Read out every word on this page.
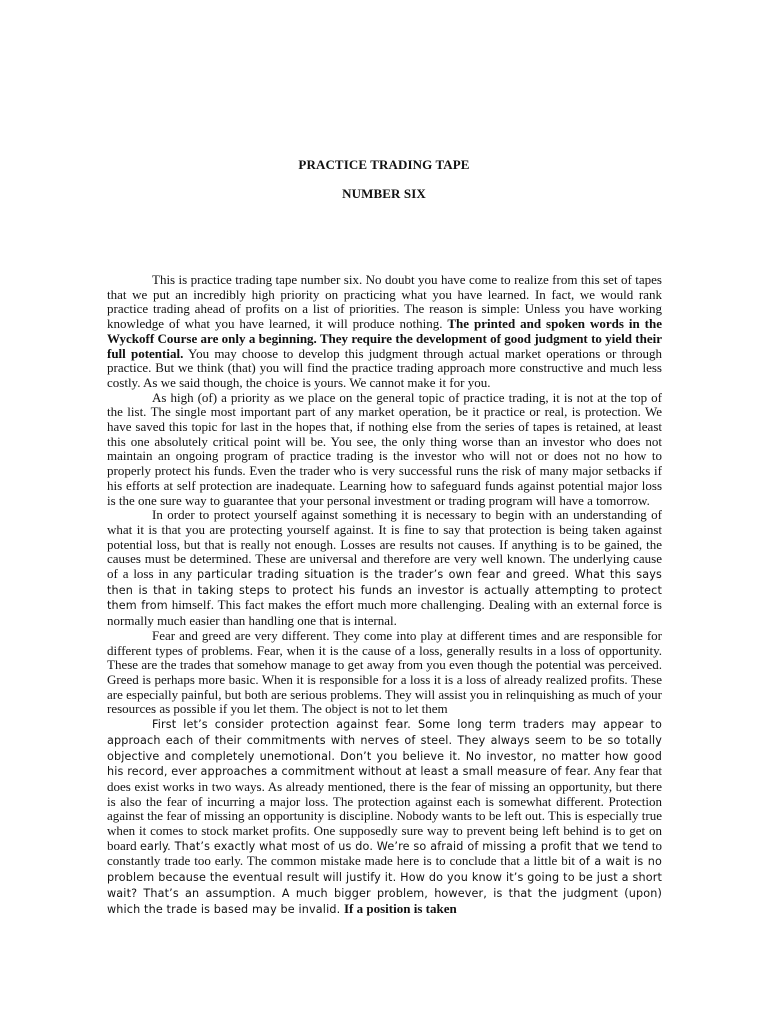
PRACTICE TRADING TAPE
NUMBER SIX

This is practice trading tape number six. No doubt you have come to realize from this set of tapes that we put an incredibly high priority on practicing what you have learned. In fact, we would rank practice trading ahead of profits on a list of priorities. The reason is simple: Unless you have working knowledge of what you have learned, it will produce nothing. The printed and spoken words in the Wyckoff Course are only a beginning. They require the development of good judgment to yield their full potential. You may choose to develop this judgment through actual market operations or through practice. But we think (that) you will find the practice trading approach more constructive and much less costly. As we said though, the choice is yours. We cannot make it for you.

As high (of) a priority as we place on the general topic of practice trading, it is not at the top of the list. The single most important part of any market operation, be it practice or real, is protection. We have saved this topic for last in the hopes that, if nothing else from the series of tapes is retained, at least this one absolutely critical point will be. You see, the only thing worse than an investor who does not maintain an ongoing program of practice trading is the investor who will not or does not no how to properly protect his funds. Even the trader who is very successful runs the risk of many major setbacks if his efforts at self protection are inadequate. Learning how to safeguard funds against potential major loss is the one sure way to guarantee that your personal investment or trading program will have a tomorrow.

In order to protect yourself against something it is necessary to begin with an understanding of what it is that you are protecting yourself against. It is fine to say that protection is being taken against potential loss, but that is really not enough. Losses are results not causes. If anything is to be gained, the causes must be determined. These are universal and therefore are very well known. The underlying cause of a loss in any particular trading situation is the trader’s own fear and greed. What this says then is that in taking steps to protect his funds an investor is actually attempting to protect them from himself. This fact makes the effort much more challenging. Dealing with an external force is normally much easier than handling one that is internal.

Fear and greed are very different. They come into play at different times and are responsible for different types of problems. Fear, when it is the cause of a loss, generally results in a loss of opportunity. These are the trades that somehow manage to get away from you even though the potential was perceived. Greed is perhaps more basic. When it is responsible for a loss it is a loss of already realized profits. These are especially painful, but both are serious problems. They will assist you in relinquishing as much of your resources as possible if you let them. The object is not to let them

First let’s consider protection against fear. Some long term traders may appear to approach each of their commitments with nerves of steel. They always seem to be so totally objective and completely unemotional. Don’t you believe it. No investor, no matter how good his record, ever approaches a commitment without at least a small measure of fear. Any fear that does exist works in two ways. As already mentioned, there is the fear of missing an opportunity, but there is also the fear of incurring a major loss. The protection against each is somewhat different. Protection against the fear of missing an opportunity is discipline. Nobody wants to be left out. This is especially true when it comes to stock market profits. One supposedly sure way to prevent being left behind is to get on board early. That’s exactly what most of us do. We’re so afraid of missing a profit that we tend to constantly trade too early. The common mistake made here is to conclude that a little bit of a wait is no problem because the eventual result will justify it. How do you know it’s going to be just a short wait? That’s an assumption. A much bigger problem, however, is that the judgment (upon) which the trade is based may be invalid. If a position is taken
